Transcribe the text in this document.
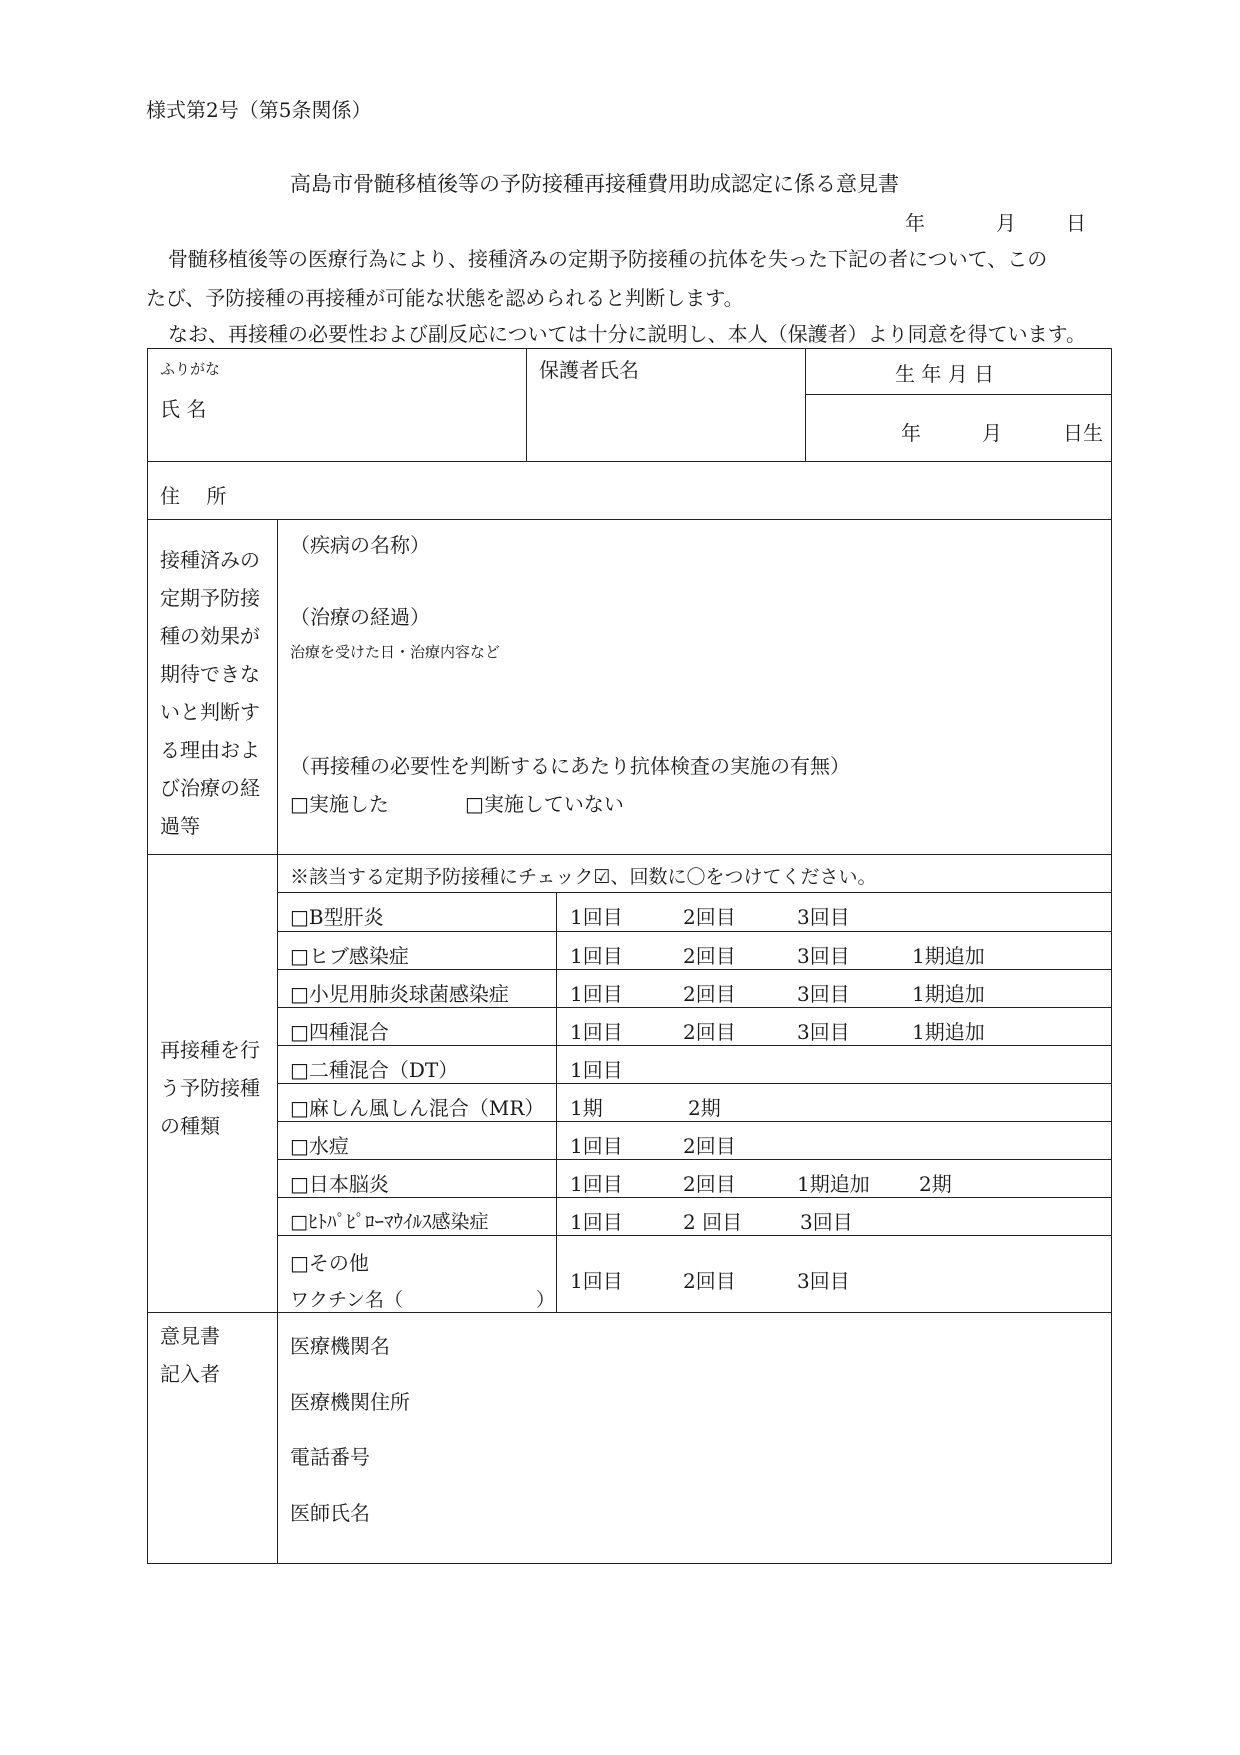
様式第2号（第5条関係）
高島市骨髄移植後等の予防接種再接種費用助成認定に係る意見書
年	月	日
骨髄移植後等の医療行為により、接種済みの定期予防接種の抗体を失った下記の者について、この
たび、予防接種の再接種が可能な状態を認められると判断します。
なお、再接種の必要性および副反応については十分に説明し、本人（保護者）より同意を得ています。
ふりがな
氏 名
保護者氏名	生 年 月 日
年	月	日生
住　 所
接種済みの
定期予防接
種の効果が
期待できな
いと判断す
る理由およ
び治療の経
過等
（疾病の名称）
（治療の経過）
治療を受けた日・治療内容など
（再接種の必要性を判断するにあたり抗体検査の実施の有無）
□実施した	□実施していない
再接種を行
う予防接種
の種類
※該当する定期予防接種にチェック☑、回数に〇をつけてください。
□B型肝炎	1回目	2回目	3回目
□ヒブ感染症	1回目	2回目	3回目	1期追加
□小児用肺炎球菌感染症	1回目	2回目	3回目	1期追加
□四種混合	1回目	2回目	3回目	1期追加
□二種混合（DT）	1回目
□麻しん風しん混合（MR） 1期	2期
□水痘	1回目	2回目
□日本脳炎	1回目	2回目	1期追加 2期
□ﾋﾄﾊﾟﾋﾟﾛｰﾏｳｲﾙｽ感染症	1回目	2 回目	3回目
□その他
ワクチン名（　　　　　　　）
1回目	2回目	3回目
意見書
記入者
医療機関名
医療機関住所
電話番号
医師氏名
